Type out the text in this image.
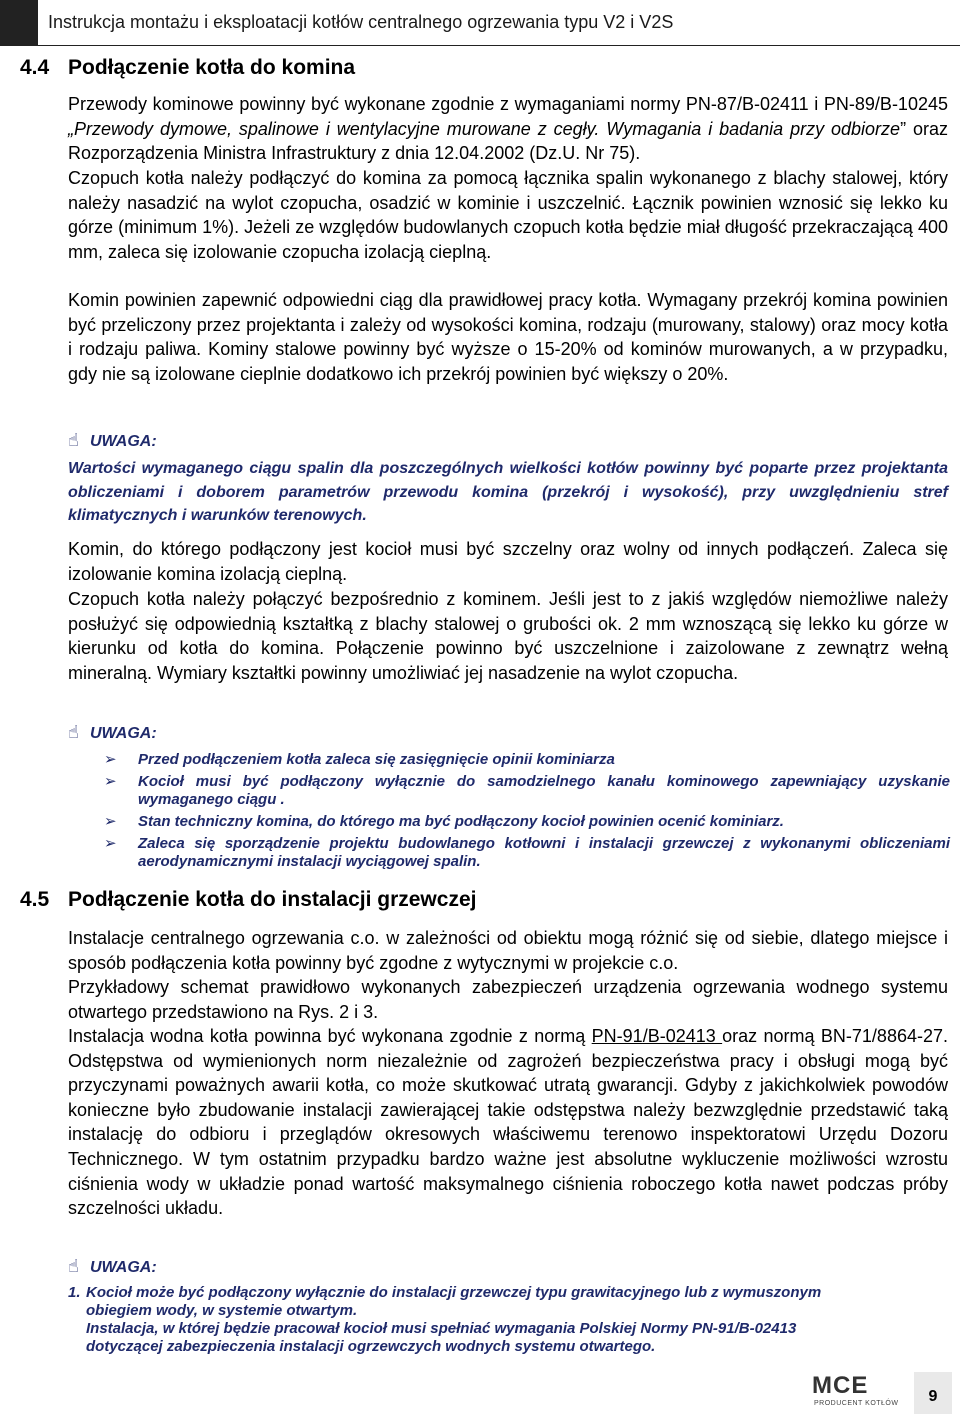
Instrukcja montażu i eksploatacji kotłów centralnego ogrzewania typu V2 i V2S
4.4 Podłączenie kotła do komina
Przewody kominowe powinny być wykonane zgodnie z wymaganiami normy PN-87/B-02411 i PN-89/B-10245 „Przewody dymowe, spalinowe i wentylacyjne murowane z cegły. Wymagania i badania przy odbiorze” oraz Rozporządzenia Ministra Infrastruktury z dnia 12.04.2002 (Dz.U. Nr 75).
Czopuch kotła należy podłączyć do komina za pomocą łącznika spalin wykonanego z blachy stalowej, który należy nasadzić na wylot czopucha, osadzić w kominie i uszczelnić. Łącznik powinien wznosić się lekko ku górze (minimum 1%). Jeżeli ze względów budowlanych czopuch kotła będzie miał długość przekraczającą 400 mm, zaleca się izolowanie czopucha izolacją cieplną.
Komin powinien zapewnić odpowiedni ciąg dla prawidłowej pracy kotła. Wymagany przekrój komina powinien być przeliczony przez projektanta i zależy od wysokości komina, rodzaju (murowany, stalowy) oraz mocy kotła i rodzaju paliwa. Kominy stalowe powinny być wyższe o 15-20% od kominów murowanych, a w przypadku, gdy nie są izolowane cieplnie dodatkowo ich przekrój powinien być większy o 20%.
☝ UWAGA:
Wartości wymaganego ciągu spalin dla poszczególnych wielkości kotłów powinny być poparte przez projektanta obliczeniami i doborem parametrów przewodu komina (przekrój i wysokość), przy uwzględnieniu stref klimatycznych i warunków terenowych.
Komin, do którego podłączony jest kocioł musi być szczelny oraz wolny od innych podłączeń. Zaleca się izolowanie komina izolacją cieplną.
Czopuch kotła należy połączyć bezpośrednio z kominem. Jeśli jest to z jakiś względów niemożliwe należy posłużyć się odpowiednią kształtką z blachy stalowej o grubości ok. 2 mm wznoszącą się lekko ku górze w kierunku od kotła do komina. Połączenie powinno być uszczelnione i zaizolowane z zewnątrz wełną mineralną. Wymiary kształtki powinny umożliwiać jej nasadzenie na wylot czopucha.
☝ UWAGA:
➢ Przed podłączeniem kotła zaleca się zasięgnięcie opinii kominiarza
➢ Kocioł musi być podłączony wyłącznie do samodzielnego kanału kominowego zapewniający uzyskanie wymaganego ciągu .
➢ Stan techniczny komina, do którego ma być podłączony kocioł powinien ocenić kominiarz.
➢ Zaleca się sporządzenie projektu budowlanego kotłowni i instalacji grzewczej z wykonanymi obliczeniami aerodynamicznymi instalacji wyciągowej spalin.
4.5 Podłączenie kotła do instalacji grzewczej
Instalacje centralnego ogrzewania c.o. w zależności od obiektu mogą różnić się od siebie, dlatego miejsce i sposób podłączenia kotła powinny być zgodne z wytycznymi w projekcie c.o.
Przykładowy schemat prawidłowo wykonanych zabezpieczeń urządzenia ogrzewania wodnego systemu otwartego przedstawiono na Rys. 2 i 3.
Instalacja wodna kotła powinna być wykonana zgodnie z normą PN-91/B-02413 oraz normą BN-71/8864-27. Odstępstwa od wymienionych norm niezależnie od zagrożeń bezpieczeństwa pracy i obsługi mogą być przyczynami poważnych awarii kotła, co może skutkować utratą gwarancji. Gdyby z jakichkolwiek powodów konieczne było zbudowanie instalacji zawierającej takie odstępstwa należy bezwzględnie przedstawić taką instalację do odbioru i przeglądów okresowych właściwemu terenowo inspektoratowi Urzędu Dozoru Technicznego. W tym ostatnim przypadku bardzo ważne jest absolutne wykluczenie możliwości wzrostu ciśnienia wody w układzie ponad wartość maksymalnego ciśnienia roboczego kotła nawet podczas próby szczelności układu.
☝ UWAGA:
1. Kocioł może być podłączony wyłącznie do instalacji grzewczej typu grawitacyjnego lub z wymuszonym
obiegiem wody, w systemie otwartym.
Instalacja, w której będzie pracował kocioł musi spełniać wymagania Polskiej Normy PN-91/B-02413
dotyczącej zabezpieczenia instalacji ogrzewczych wodnych systemu otwartego.
MCE
PRODUCENT KOTŁÓW	9
